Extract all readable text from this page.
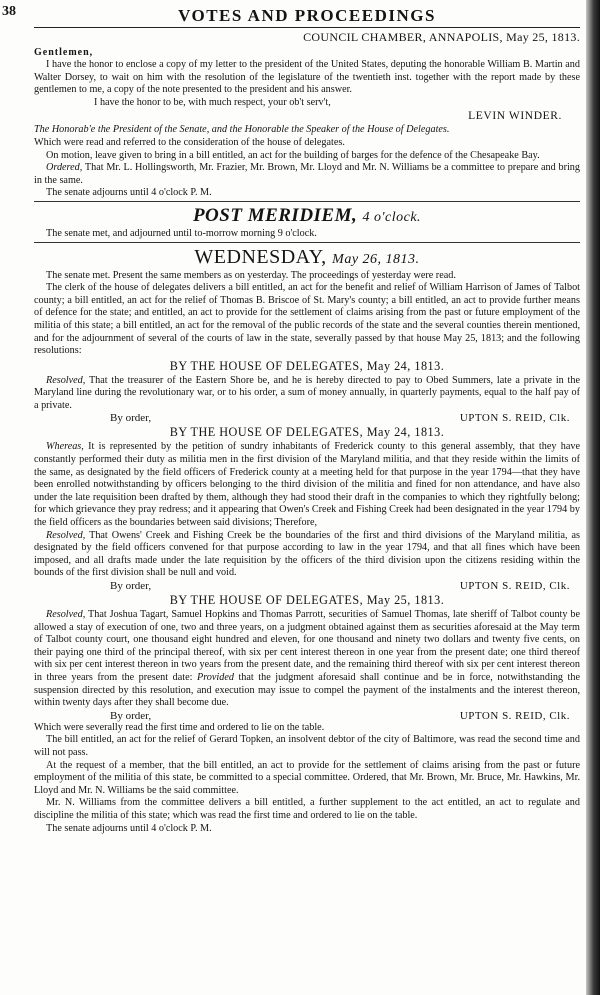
38	VOTES AND PROCEEDINGS
COUNCIL CHAMBER, ANNAPOLIS, May 25, 1813.
Gentlemen,

I have the honor to enclose a copy of my letter to the president of the United States, deputing the honorable William B. Martin and Walter Dorsey, to wait on him with the resolution of the legislature of the twentieth inst. together with the report made by these gentlemen to me, a copy of the note presented to the president and his answer.

I have the honor to be, with much respect, your ob't serv't,

LEVIN WINDER.

The Honorab'e the President of the Senate, and the Honorable the Speaker of the House of Delegates.

Which were read and referred to the consideration of the house of delegates.

On motion, leave given to bring in a bill entitled, an act for the building of barges for the defence of the Chesapeake Bay.

Ordered, That Mr. L. Hollingsworth, Mr. Frazier, Mr. Brown, Mr. Lloyd and Mr. N. Williams be a committee to prepare and bring in the same.

The senate adjourns until 4 o'clock P. M.

POST MERIDIEM, 4 o'clock.

The senate met, and adjourned until to-morrow morning 9 o'clock.

WEDNESDAY, May 26, 1813.

The senate met. Present the same members as on yesterday. The proceedings of yesterday were read.

The clerk of the house of delegates delivers a bill entitled, an act for the benefit and relief of William Harrison of James of Talbot county; a bill entitled, an act for the relief of Thomas B. Briscoe of St. Mary's county; a bill entitled, an act to provide further means of defence for the state; and entitled, an act to provide for the settlement of claims arising from the past or future employment of the militia of this state; a bill entitled, an act for the removal of the public records of the state and the several counties therein mentioned, and for the adjournment of several of the courts of law in the state, severally passed by that house May 25, 1813; and the following resolutions:

BY THE HOUSE OF DELEGATES, May 24, 1813.

Resolved, That the treasurer of the Eastern Shore be, and he is hereby directed to pay to Obed Summers, late a private in the Maryland line during the revolutionary war, or to his order, a sum of money annually, in quarterly payments, equal to the half pay of a private.

By order,	UPTON S. REID, Clk.
BY THE HOUSE OF DELEGATES, May 24, 1813.

Whereas, It is represented by the petition of sundry inhabitants of Frederick county to this general assembly, that they have constantly performed their duty as militia men in the first division of the Maryland militia, and that they reside within the limits of the same, as designated by the field officers of Frederick county at a meeting held for that purpose in the year 1794—that they have been enrolled notwithstanding by officers belonging to the third division of the militia and fined for non attendance, and have also under the late requisition been drafted by them, although they had stood their draft in the companies to which they rightfully belong; for which grievance they pray redress; and it appearing that Owen's Creek and Fishing Creek had been designated in the year 1794 by the field officers as the boundaries between said divisions; Therefore,

Resolved, That Owens' Creek and Fishing Creek be the boundaries of the first and third divisions of the Maryland militia, as designated by the field officers convened for that purpose according to law in the year 1794, and that all fines which have been imposed, and all drafts made under the late requisition by the officers of the third division upon the citizens residing within the bounds of the first division shall be null and void.

By order,	UPTON S. REID, Clk.
BY THE HOUSE OF DELEGATES, May 25, 1813.

Resolved, That Joshua Tagart, Samuel Hopkins and Thomas Parrott, securities of Samuel Thomas, late sheriff of Talbot county be allowed a stay of execution of one, two and three years, on a judgment obtained against them as securities aforesaid at the May term of Talbot county court, one thousand eight hundred and eleven, for one thousand and ninety two dollars and twenty five cents, on their paying one third of the principal thereof, with six per cent interest thereon in one year from the present date; one third thereof with six per cent interest thereon in two years from the present date, and the remaining third thereof with six per cent interest thereon in three years from the present date: Provided that the judgment aforesaid shall continue and be in force, notwithstanding the suspension directed by this resolution, and execution may issue to compel the payment of the instalments and the interest thereon, within twenty days after they shall become due.

By order,	UPTON S. REID, Clk.

Which were severally read the first time and ordered to lie on the table.

The bill entitled, an act for the relief of Gerard Topken, an insolvent debtor of the city of Baltimore, was read the second time and will not pass.

At the request of a member, that the bill entitled, an act to provide for the settlement of claims arising from the past or future employment of the militia of this state, be committed to a special committee. Ordered, that Mr. Brown, Mr. Bruce, Mr. Hawkins, Mr. Lloyd and Mr. N. Williams be the said committee.

Mr. N. Williams from the committee delivers a bill entitled, a further supplement to the act entitled, an act to regulate and discipline the militia of this state; which was read the first time and ordered to lie on the table.

The senate adjourns until 4 o'clock P. M.
